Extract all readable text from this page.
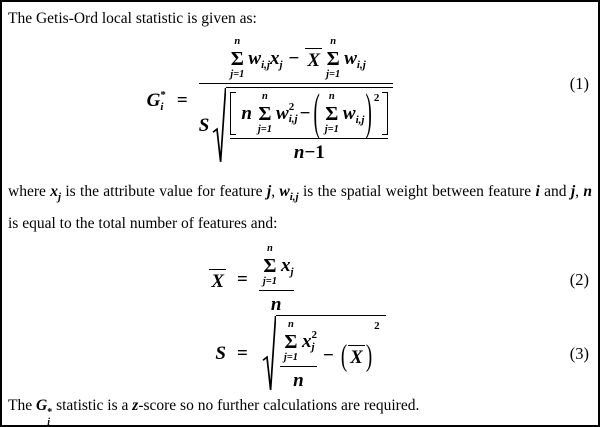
The Getis-Ord local statistic is given as:
G *
i =
n
Σ
j=1
w i,j x j − X
n
Σ
j=1
w i,j
S
n
n
Σ
j=1
w 2
i,j − ( n
Σ
j=1
w i,j ) 2
n − 1
(1)
where $x_j$ is the attribute value for feature j, $w_{i,j}$ is the spatial weight between feature i and j, n is equal to the total number of features and:
X = n
Σ
j=1
x j
n	(2)
S =	n
Σ
j=1
x 2
j
n − ( X )
2
(3)
The G *
i
statistic is a z-score so no further calculations are required.
